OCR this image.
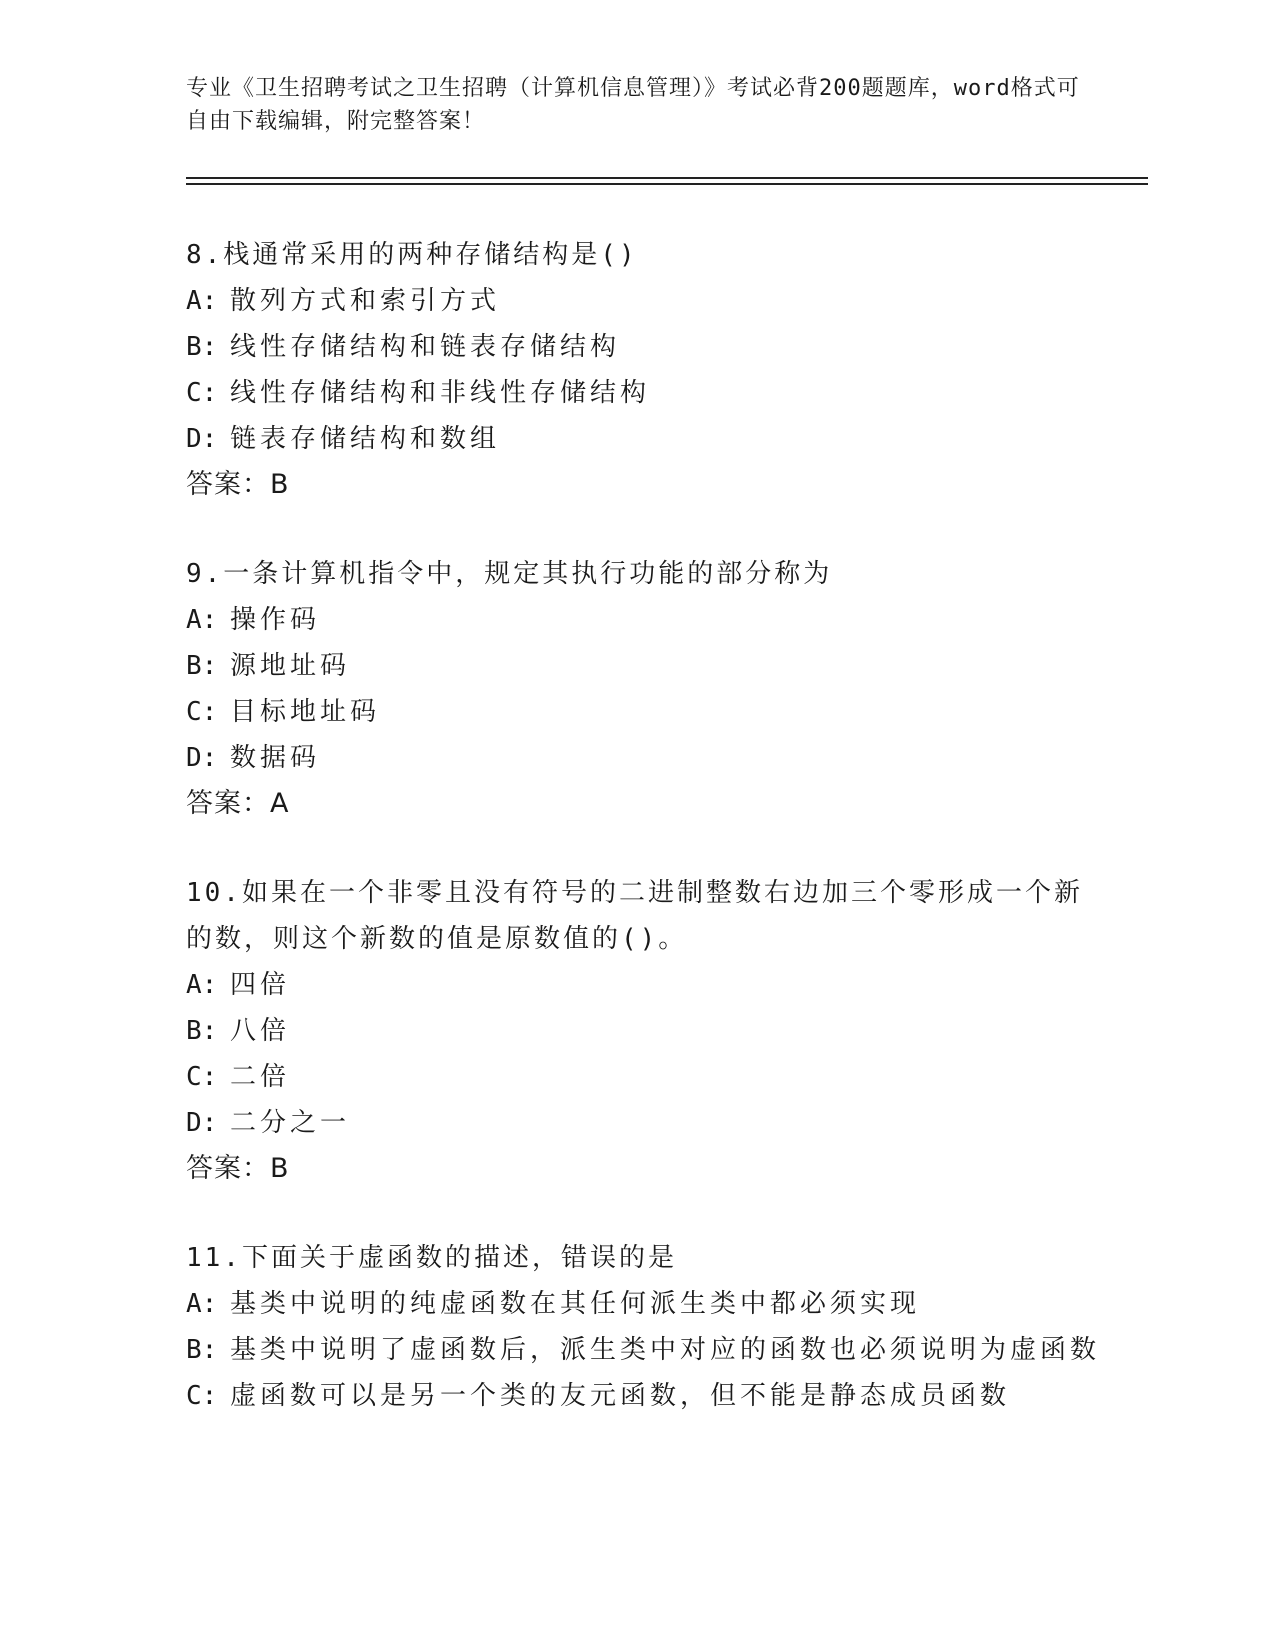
专业《卫生招聘考试之卫生招聘（计算机信息管理）》考试必背200题题库，word格式可自由下载编辑，附完整答案！
8.栈通常采用的两种存储结构是()
A: 散列方式和索引方式
B: 线性存储结构和链表存储结构
C: 线性存储结构和非线性存储结构
D: 链表存储结构和数组
答案：B
9.一条计算机指令中，规定其执行功能的部分称为
A: 操作码
B: 源地址码
C: 目标地址码
D: 数据码
答案：A
10.如果在一个非零且没有符号的二进制整数右边加三个零形成一个新的数，则这个新数的值是原数值的()。
A: 四倍
B: 八倍
C: 二倍
D: 二分之一
答案：B
11.下面关于虚函数的描述，错误的是
A: 基类中说明的纯虚函数在其任何派生类中都必须实现
B: 基类中说明了虚函数后，派生类中对应的函数也必须说明为虚函数
C: 虚函数可以是另一个类的友元函数，但不能是静态成员函数
